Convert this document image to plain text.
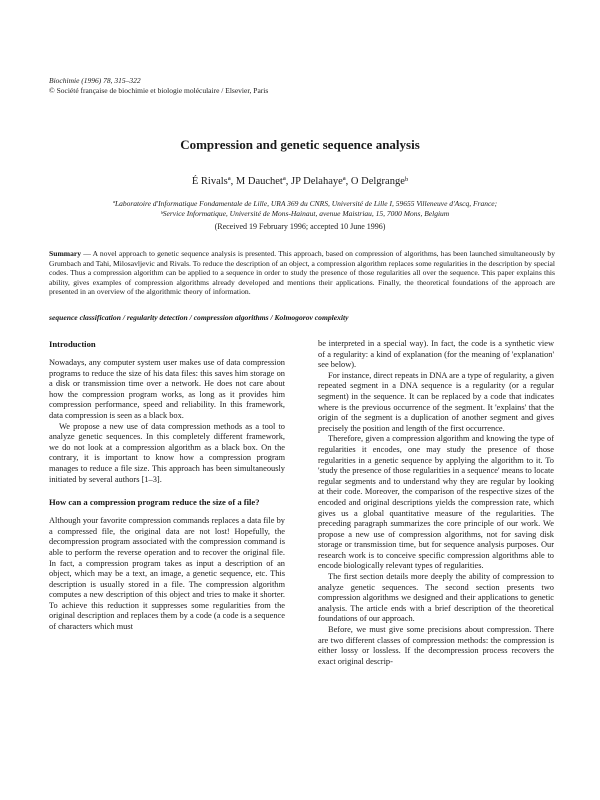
Biochimie (1996) 78, 315–322
© Société française de biochimie et biologie moléculaire / Elsevier, Paris
Compression and genetic sequence analysis
É Rivalsª, M Dauchetª, JP Delahayeª, O Delgrangeᵇ
ªLaboratoire d'Informatique Fondamentale de Lille, URA 369 du CNRS, Université de Lille I, 59655 Villeneuve d'Ascq, France;
ᵇService Informatique, Université de Mons-Hainaut, avenue Maistriau, 15, 7000 Mons, Belgium
(Received 19 February 1996; accepted 10 June 1996)
Summary — A novel approach to genetic sequence analysis is presented. This approach, based on compression of algorithms, has been launched simultaneously by Grumbach and Tahi, Milosavljevic and Rivals. To reduce the description of an object, a compression algorithm replaces some regularities in the description by special codes. Thus a compression algorithm can be applied to a sequence in order to study the presence of those regularities all over the sequence. This paper explains this ability, gives examples of compression algorithms already developed and mentions their applications. Finally, the theoretical foundations of the approach are presented in an overview of the algorithmic theory of information.
sequence classification / regularity detection / compression algorithms / Kolmogorov complexity
Introduction

Nowadays, any computer system user makes use of data compression programs to reduce the size of his data files: this saves him storage on a disk or transmission time over a network. He does not care about how the compression program works, as long as it provides him compression performance, speed and reliability. In this framework, data compression is seen as a black box.

We propose a new use of data compression methods as a tool to analyze genetic sequences. In this completely different framework, we do not look at a compression algorithm as a black box. On the contrary, it is important to know how a compression program manages to reduce a file size. This approach has been simultaneously initiated by several authors [1–3].

How can a compression program reduce the size of a file?

Although your favorite compression commands replaces a data file by a compressed file, the original data are not lost! Hopefully, the decompression program associated with the compression command is able to perform the reverse operation and to recover the original file. In fact, a compression program takes as input a description of an object, which may be a text, an image, a genetic sequence, etc. This description is usually stored in a file. The compression algorithm computes a new description of this object and tries to make it shorter. To achieve this reduction it suppresses some regularities from the original description and replaces them by a code (a code is a sequence of characters which must

be interpreted in a special way). In fact, the code is a synthetic view of a regularity: a kind of explanation (for the meaning of 'explanation' see below).

For instance, direct repeats in DNA are a type of regularity, a given repeated segment in a DNA sequence is a regularity (or a regular segment) in the sequence. It can be replaced by a code that indicates where is the previous occurrence of the segment. It 'explains' that the origin of the segment is a duplication of another segment and gives precisely the position and length of the first occurrence.

Therefore, given a compression algorithm and knowing the type of regularities it encodes, one may study the presence of those regularities in a genetic sequence by applying the algorithm to it. To 'study the presence of those regularities in a sequence' means to locate regular segments and to understand why they are regular by looking at their code. Moreover, the comparison of the respective sizes of the encoded and original descriptions yields the compression rate, which gives us a global quantitative measure of the regularities. The preceding paragraph summarizes the core principle of our work. We propose a new use of compression algorithms, not for saving disk storage or transmission time, but for sequence analysis purposes. Our research work is to conceive specific compression algorithms able to encode biologically relevant types of regularities.

The first section details more deeply the ability of compression to analyze genetic sequences. The second section presents two compression algorithms we designed and their applications to genetic analysis. The article ends with a brief description of the theoretical foundations of our approach.

Before, we must give some precisions about compression. There are two different classes of compression methods: the compression is either lossy or lossless. If the decompression process recovers the exact original descrip-
